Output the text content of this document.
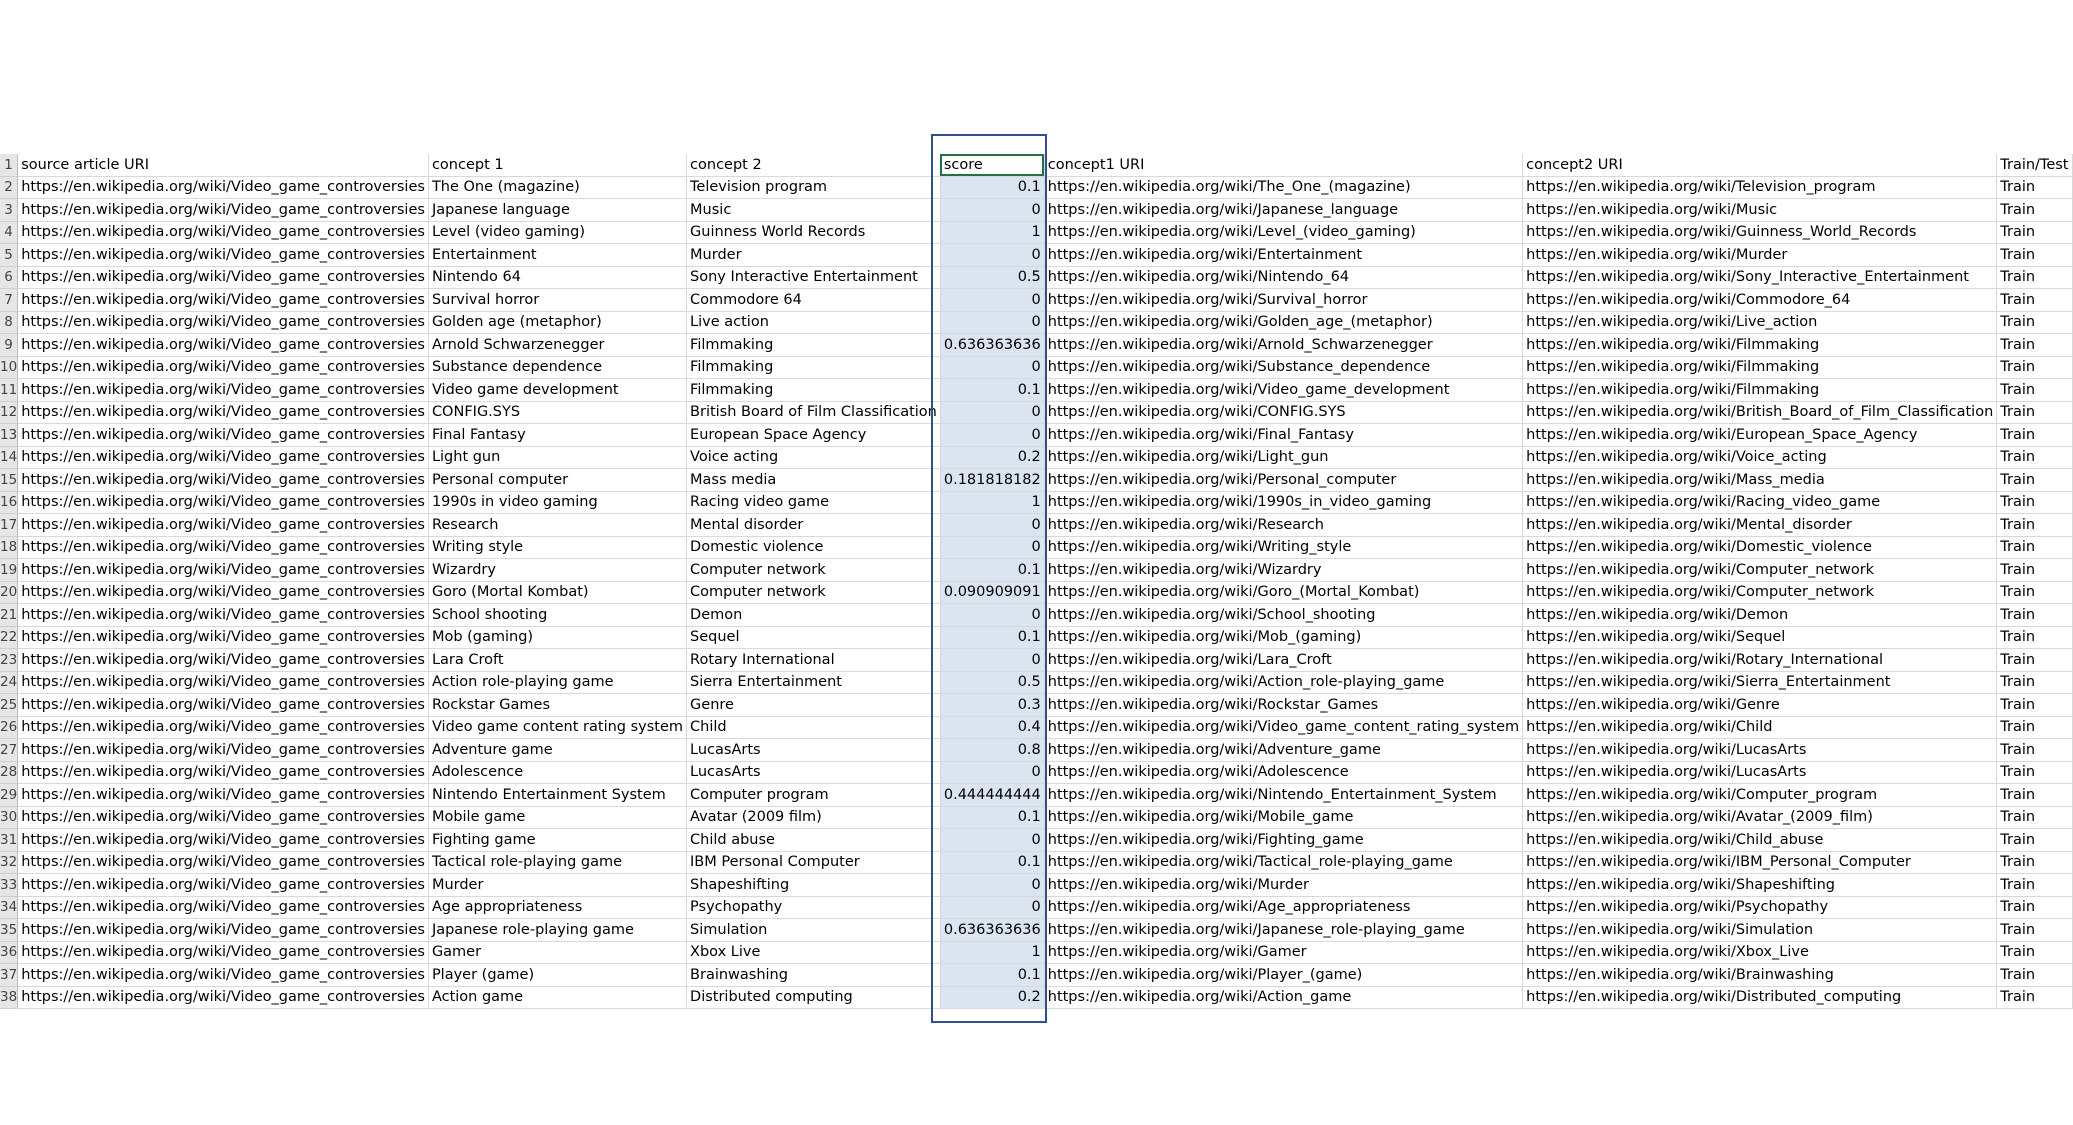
1	source article URI	concept 1	concept 2	score	concept1 URI	concept2 URI	Train/Test
2	https://en.wikipedia.org/wiki/Video_game_controversies	The One (magazine)	Television program	0.1	https://en.wikipedia.org/wiki/The_One_(magazine)	https://en.wikipedia.org/wiki/Television_program	Train
3	https://en.wikipedia.org/wiki/Video_game_controversies	Japanese language	Music	0	https://en.wikipedia.org/wiki/Japanese_language	https://en.wikipedia.org/wiki/Music	Train
4	https://en.wikipedia.org/wiki/Video_game_controversies	Level (video gaming)	Guinness World Records	1	https://en.wikipedia.org/wiki/Level_(video_gaming)	https://en.wikipedia.org/wiki/Guinness_World_Records	Train
5	https://en.wikipedia.org/wiki/Video_game_controversies	Entertainment	Murder	0	https://en.wikipedia.org/wiki/Entertainment	https://en.wikipedia.org/wiki/Murder	Train
6	https://en.wikipedia.org/wiki/Video_game_controversies	Nintendo 64	Sony Interactive Entertainment	0.5	https://en.wikipedia.org/wiki/Nintendo_64	https://en.wikipedia.org/wiki/Sony_Interactive_Entertainment	Train
7	https://en.wikipedia.org/wiki/Video_game_controversies	Survival horror	Commodore 64	0	https://en.wikipedia.org/wiki/Survival_horror	https://en.wikipedia.org/wiki/Commodore_64	Train
8	https://en.wikipedia.org/wiki/Video_game_controversies	Golden age (metaphor)	Live action	0	https://en.wikipedia.org/wiki/Golden_age_(metaphor)	https://en.wikipedia.org/wiki/Live_action	Train
9	https://en.wikipedia.org/wiki/Video_game_controversies	Arnold Schwarzenegger	Filmmaking	0.636363636	https://en.wikipedia.org/wiki/Arnold_Schwarzenegger	https://en.wikipedia.org/wiki/Filmmaking	Train
10	https://en.wikipedia.org/wiki/Video_game_controversies	Substance dependence	Filmmaking	0	https://en.wikipedia.org/wiki/Substance_dependence	https://en.wikipedia.org/wiki/Filmmaking	Train
11	https://en.wikipedia.org/wiki/Video_game_controversies	Video game development	Filmmaking	0.1	https://en.wikipedia.org/wiki/Video_game_development	https://en.wikipedia.org/wiki/Filmmaking	Train
12	https://en.wikipedia.org/wiki/Video_game_controversies	CONFIG.SYS	British Board of Film Classification	0	https://en.wikipedia.org/wiki/CONFIG.SYS	https://en.wikipedia.org/wiki/British_Board_of_Film_Classification	Train
13	https://en.wikipedia.org/wiki/Video_game_controversies	Final Fantasy	European Space Agency	0	https://en.wikipedia.org/wiki/Final_Fantasy	https://en.wikipedia.org/wiki/European_Space_Agency	Train
14	https://en.wikipedia.org/wiki/Video_game_controversies	Light gun	Voice acting	0.2	https://en.wikipedia.org/wiki/Light_gun	https://en.wikipedia.org/wiki/Voice_acting	Train
15	https://en.wikipedia.org/wiki/Video_game_controversies	Personal computer	Mass media	0.181818182	https://en.wikipedia.org/wiki/Personal_computer	https://en.wikipedia.org/wiki/Mass_media	Train
16	https://en.wikipedia.org/wiki/Video_game_controversies	1990s in video gaming	Racing video game	1	https://en.wikipedia.org/wiki/1990s_in_video_gaming	https://en.wikipedia.org/wiki/Racing_video_game	Train
17	https://en.wikipedia.org/wiki/Video_game_controversies	Research	Mental disorder	0	https://en.wikipedia.org/wiki/Research	https://en.wikipedia.org/wiki/Mental_disorder	Train
18	https://en.wikipedia.org/wiki/Video_game_controversies	Writing style	Domestic violence	0	https://en.wikipedia.org/wiki/Writing_style	https://en.wikipedia.org/wiki/Domestic_violence	Train
19	https://en.wikipedia.org/wiki/Video_game_controversies	Wizardry	Computer network	0.1	https://en.wikipedia.org/wiki/Wizardry	https://en.wikipedia.org/wiki/Computer_network	Train
20	https://en.wikipedia.org/wiki/Video_game_controversies	Goro (Mortal Kombat)	Computer network	0.090909091	https://en.wikipedia.org/wiki/Goro_(Mortal_Kombat)	https://en.wikipedia.org/wiki/Computer_network	Train
21	https://en.wikipedia.org/wiki/Video_game_controversies	School shooting	Demon	0	https://en.wikipedia.org/wiki/School_shooting	https://en.wikipedia.org/wiki/Demon	Train
22	https://en.wikipedia.org/wiki/Video_game_controversies	Mob (gaming)	Sequel	0.1	https://en.wikipedia.org/wiki/Mob_(gaming)	https://en.wikipedia.org/wiki/Sequel	Train
23	https://en.wikipedia.org/wiki/Video_game_controversies	Lara Croft	Rotary International	0	https://en.wikipedia.org/wiki/Lara_Croft	https://en.wikipedia.org/wiki/Rotary_International	Train
24	https://en.wikipedia.org/wiki/Video_game_controversies	Action role-playing game	Sierra Entertainment	0.5	https://en.wikipedia.org/wiki/Action_role-playing_game	https://en.wikipedia.org/wiki/Sierra_Entertainment	Train
25	https://en.wikipedia.org/wiki/Video_game_controversies	Rockstar Games	Genre	0.3	https://en.wikipedia.org/wiki/Rockstar_Games	https://en.wikipedia.org/wiki/Genre	Train
26	https://en.wikipedia.org/wiki/Video_game_controversies	Video game content rating system	Child	0.4	https://en.wikipedia.org/wiki/Video_game_content_rating_system	https://en.wikipedia.org/wiki/Child	Train
27	https://en.wikipedia.org/wiki/Video_game_controversies	Adventure game	LucasArts	0.8	https://en.wikipedia.org/wiki/Adventure_game	https://en.wikipedia.org/wiki/LucasArts	Train
28	https://en.wikipedia.org/wiki/Video_game_controversies	Adolescence	LucasArts	0	https://en.wikipedia.org/wiki/Adolescence	https://en.wikipedia.org/wiki/LucasArts	Train
29	https://en.wikipedia.org/wiki/Video_game_controversies	Nintendo Entertainment System	Computer program	0.444444444	https://en.wikipedia.org/wiki/Nintendo_Entertainment_System	https://en.wikipedia.org/wiki/Computer_program	Train
30	https://en.wikipedia.org/wiki/Video_game_controversies	Mobile game	Avatar (2009 film)	0.1	https://en.wikipedia.org/wiki/Mobile_game	https://en.wikipedia.org/wiki/Avatar_(2009_film)	Train
31	https://en.wikipedia.org/wiki/Video_game_controversies	Fighting game	Child abuse	0	https://en.wikipedia.org/wiki/Fighting_game	https://en.wikipedia.org/wiki/Child_abuse	Train
32	https://en.wikipedia.org/wiki/Video_game_controversies	Tactical role-playing game	IBM Personal Computer	0.1	https://en.wikipedia.org/wiki/Tactical_role-playing_game	https://en.wikipedia.org/wiki/IBM_Personal_Computer	Train
33	https://en.wikipedia.org/wiki/Video_game_controversies	Murder	Shapeshifting	0	https://en.wikipedia.org/wiki/Murder	https://en.wikipedia.org/wiki/Shapeshifting	Train
34	https://en.wikipedia.org/wiki/Video_game_controversies	Age appropriateness	Psychopathy	0	https://en.wikipedia.org/wiki/Age_appropriateness	https://en.wikipedia.org/wiki/Psychopathy	Train
35	https://en.wikipedia.org/wiki/Video_game_controversies	Japanese role-playing game	Simulation	0.636363636	https://en.wikipedia.org/wiki/Japanese_role-playing_game	https://en.wikipedia.org/wiki/Simulation	Train
36	https://en.wikipedia.org/wiki/Video_game_controversies	Gamer	Xbox Live	1	https://en.wikipedia.org/wiki/Gamer	https://en.wikipedia.org/wiki/Xbox_Live	Train
37	https://en.wikipedia.org/wiki/Video_game_controversies	Player (game)	Brainwashing	0.1	https://en.wikipedia.org/wiki/Player_(game)	https://en.wikipedia.org/wiki/Brainwashing	Train
38	https://en.wikipedia.org/wiki/Video_game_controversies	Action game	Distributed computing	0.2	https://en.wikipedia.org/wiki/Action_game	https://en.wikipedia.org/wiki/Distributed_computing	Train
